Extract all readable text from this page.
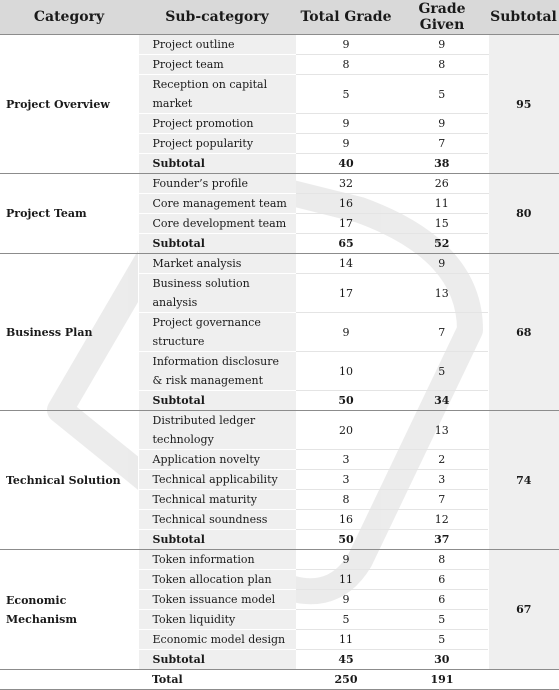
Category	Sub-category	Total Grade	Grade Given	Subtotal
Project Overview	Project outline	9	9	95
	Project team	8	8	
	Reception on capital market	5	5	
	Project promotion	9	9	
	Project popularity	9	7	
	Subtotal	40	38	
Project Team	Founder’s profile	32	26	80
	Core management team	16	11	
	Core development team	17	15	
	Subtotal	65	52	
Business Plan	Market analysis	14	9	68
	Business solution analysis	17	13	
	Project governance structure	9	7	
	Information disclosure & risk management	10	5	
	Subtotal	50	34	
Technical Solution	Distributed ledger technology	20	13	74
	Application novelty	3	2	
	Technical applicability	3	3	
	Technical maturity	8	7	
	Technical soundness	16	12	
	Subtotal	50	37	
Economic Mechanism	Token information	9	8	67
	Token allocation plan	11	6	
	Token issuance model	9	6	
	Token liquidity	5	5	
	Economic model design	11	5	
	Subtotal	45	30	
	Total	250	191	
